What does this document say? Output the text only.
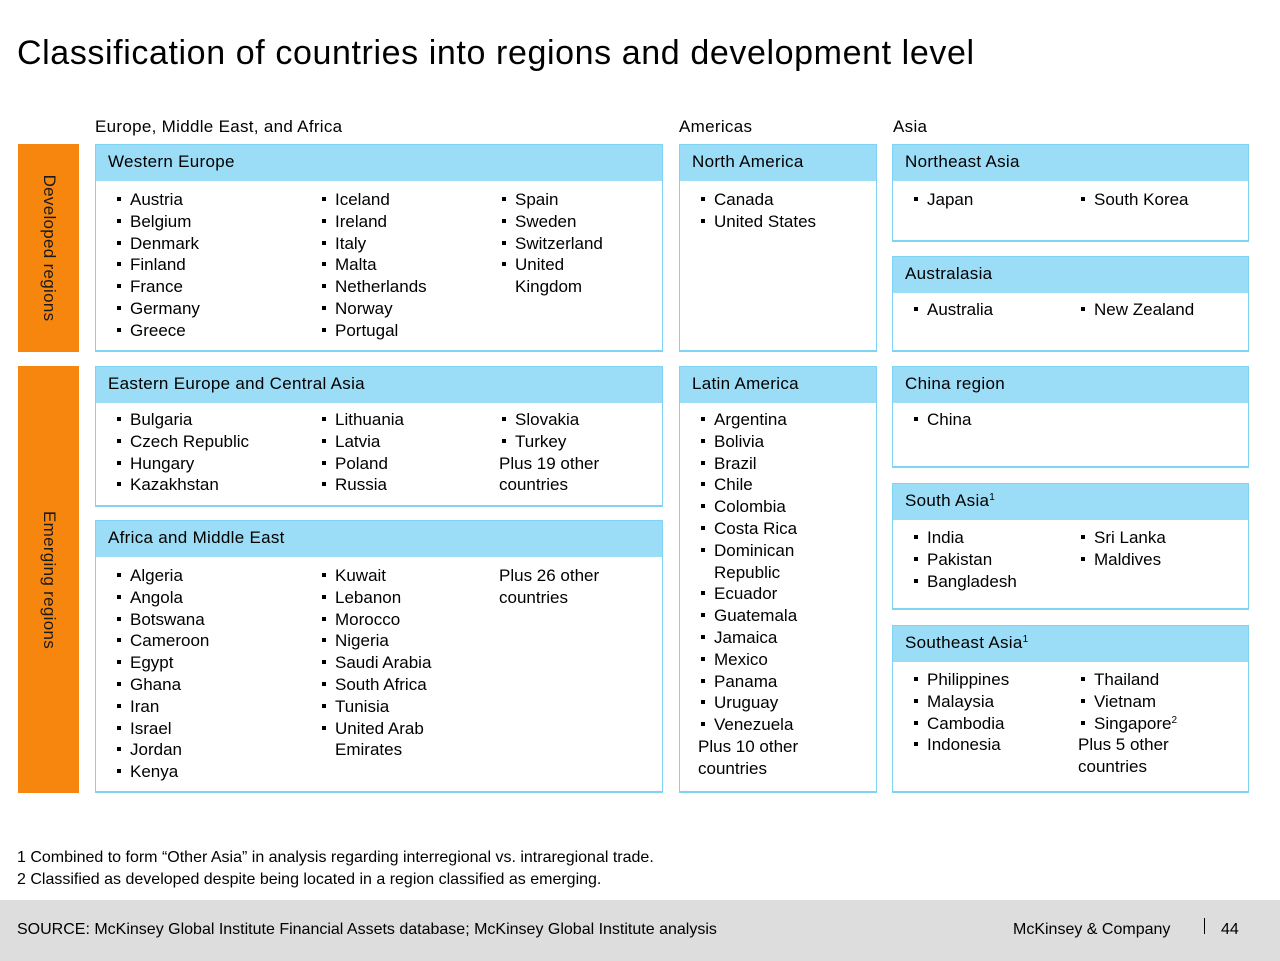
Classification of countries into regions and development level
Europe, Middle East, and Africa	Americas	Asia
Developed regions
Emerging regions
Western Europe
Austria
Belgium
Denmark
Finland
France
Germany
Greece
Iceland
Ireland
Italy
Malta
Netherlands
Norway
Portugal
Spain
Sweden
Switzerland
United Kingdom
North America
Canada
United States
Northeast Asia
Japan	South Korea
Australasia
Australia	New Zealand
Eastern Europe and Central Asia
Bulgaria
Czech Republic
Hungary
Kazakhstan
Lithuania
Latvia
Poland
Russia
Slovakia
Turkey
Plus 19 other countries
Africa and Middle East
Algeria
Angola
Botswana
Cameroon
Egypt
Ghana
Iran
Israel
Jordan
Kenya
Kuwait
Lebanon
Morocco
Nigeria
Saudi Arabia
South Africa
Tunisia
United Arab Emirates
Plus 26 other countries
Latin America
Argentina
Bolivia
Brazil
Chile
Colombia
Costa Rica
Dominican Republic
Ecuador
Guatemala
Jamaica
Mexico
Panama
Uruguay
Venezuela
Plus 10 other countries
China region
China
South Asia$^1$
India
Pakistan
Bangladesh
Sri Lanka
Maldives
Southeast Asia$^1$
Philippines
Malaysia
Cambodia
Indonesia
Thailand
Vietnam
Singapore$^2$
Plus 5 other countries
1 Combined to form “Other Asia” in analysis regarding interregional vs. intraregional trade.
2 Classified as developed despite being located in a region classified as emerging.
SOURCE: McKinsey Global Institute Financial Assets database; McKinsey Global Institute analysis	McKinsey & Company	44
